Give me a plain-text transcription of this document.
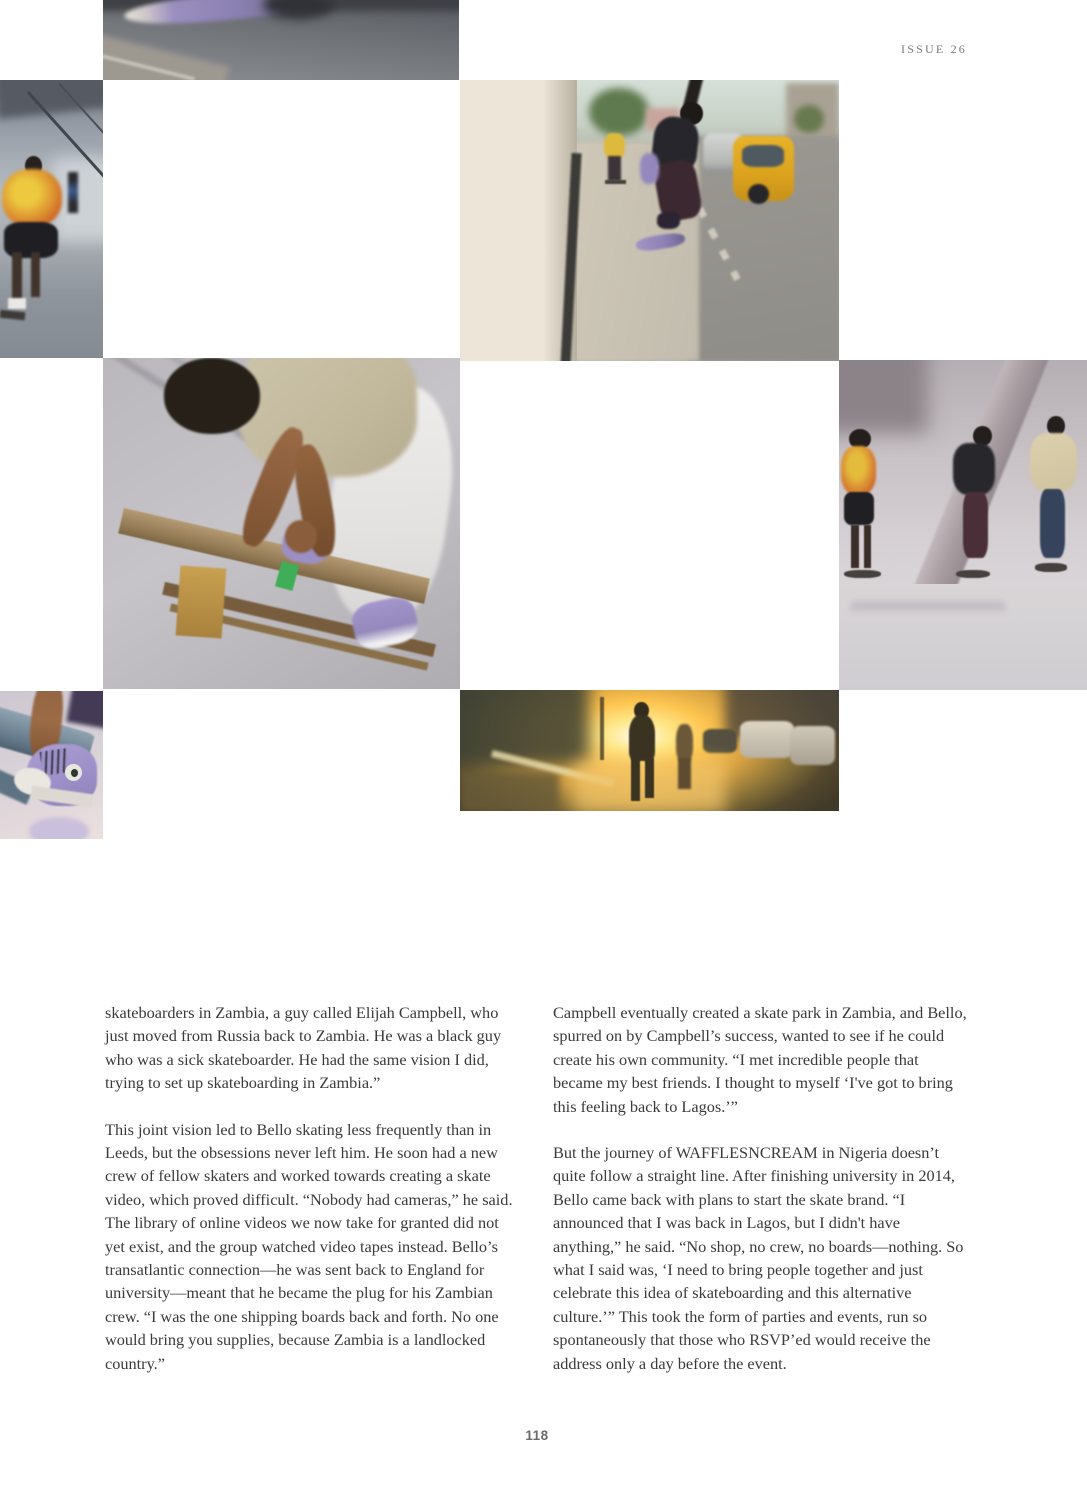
ISSUE 26

skateboarders in Zambia, a guy called Elijah Campbell, who just moved from Russia back to Zambia. He was a black guy who was a sick skateboarder. He had the same vision I did, trying to set up skateboarding in Zambia.”

This joint vision led to Bello skating less frequently than in Leeds, but the obsessions never left him. He soon had a new crew of fellow skaters and worked towards creating a skate video, which proved difficult. “Nobody had cameras,” he said. The library of online videos we now take for granted did not yet exist, and the group watched video tapes instead. Bello’s transatlantic connection—he was sent back to England for university—meant that he became the plug for his Zambian crew. “I was the one shipping boards back and forth. No one would bring you supplies, because Zambia is a landlocked country.”

Campbell eventually created a skate park in Zambia, and Bello, spurred on by Campbell’s success, wanted to see if he could create his own community. “I met incredible people that became my best friends. I thought to myself ‘I've got to bring this feeling back to Lagos.’”

But the journey of WAFFLESNCREAM in Nigeria doesn’t quite follow a straight line. After finishing university in 2014, Bello came back with plans to start the skate brand. “I announced that I was back in Lagos, but I didn't have anything,” he said. “No shop, no crew, no boards—nothing. So what I said was, ‘I need to bring people together and just celebrate this idea of skateboarding and this alternative culture.’” This took the form of parties and events, run so spontaneously that those who RSVP’ed would receive the address only a day before the event.

118
